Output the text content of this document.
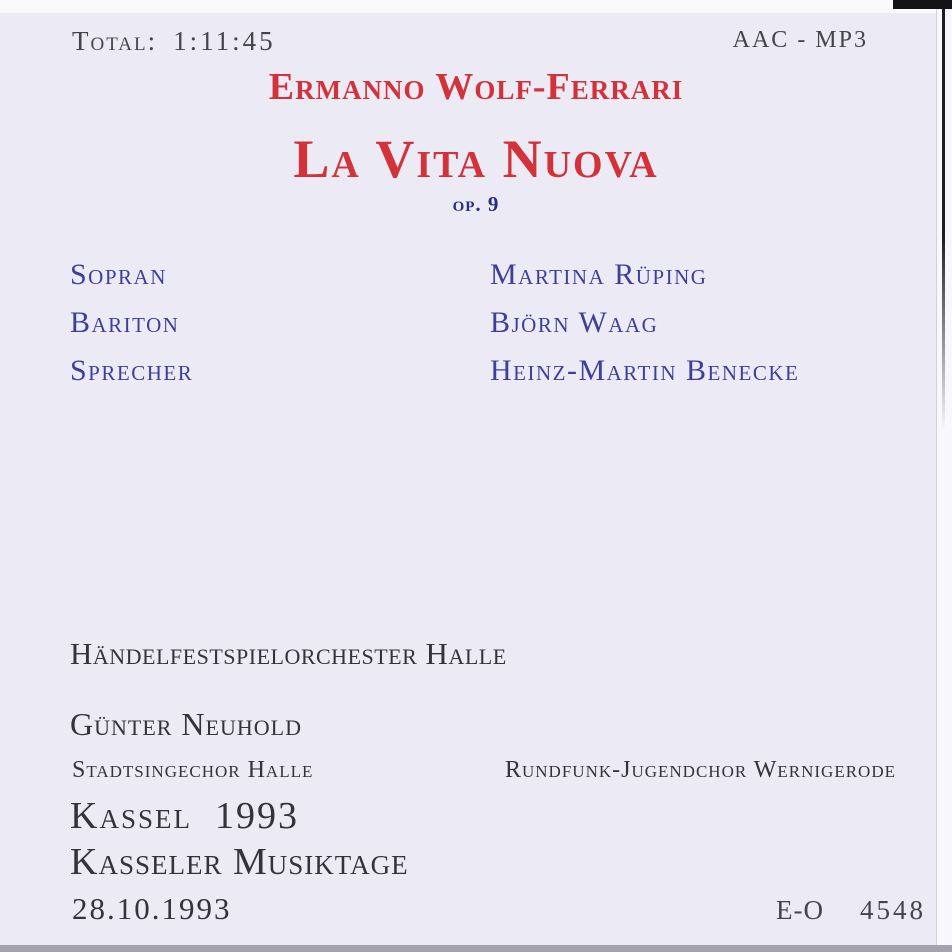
Total: 1:11:45	AAC - MP3
Ermanno Wolf-Ferrari
La Vita Nuova
op. 9
Sopran	Martina Rüping
Bariton	Björn Waag
Sprecher	Heinz-Martin Benecke
Händelfestspielorchester Halle
Günter Neuhold
Stadtsingechor Halle	Rundfunk-Jugendchor Wernigerode
Kassel  1993
Kasseler Musiktage
28.10.1993	E-O 4548
